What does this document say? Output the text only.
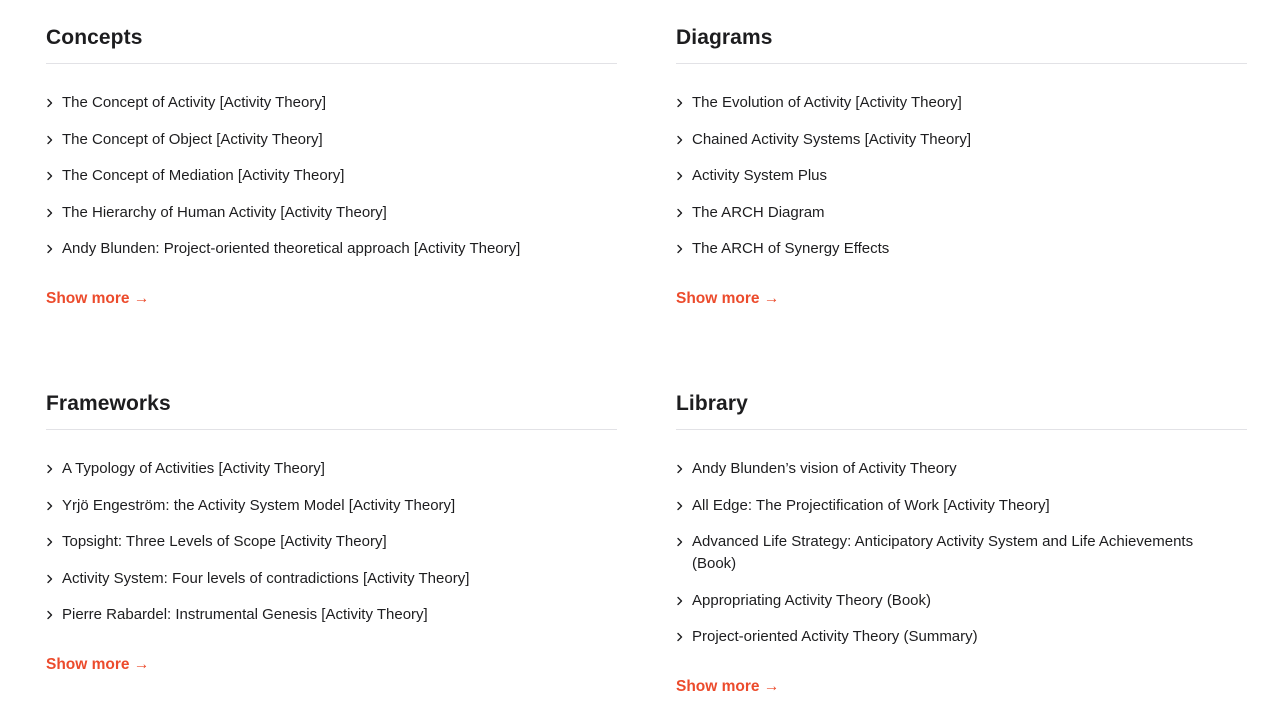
Concepts
The Concept of Activity [Activity Theory]
The Concept of Object [Activity Theory]
The Concept of Mediation [Activity Theory]
The Hierarchy of Human Activity [Activity Theory]
Andy Blunden: Project-oriented theoretical approach [Activity Theory]
Show more →
Diagrams
The Evolution of Activity [Activity Theory]
Chained Activity Systems [Activity Theory]
Activity System Plus
The ARCH Diagram
The ARCH of Synergy Effects
Show more →
Frameworks
A Typology of Activities [Activity Theory]
Yrjö Engeström: the Activity System Model [Activity Theory]
Topsight: Three Levels of Scope [Activity Theory]
Activity System: Four levels of contradictions [Activity Theory]
Pierre Rabardel: Instrumental Genesis [Activity Theory]
Show more →
Library
Andy Blunden’s vision of Activity Theory
All Edge: The Projectification of Work [Activity Theory]
Advanced Life Strategy: Anticipatory Activity System and Life Achievements (Book)
Appropriating Activity Theory (Book)
Project-oriented Activity Theory (Summary)
Show more →
